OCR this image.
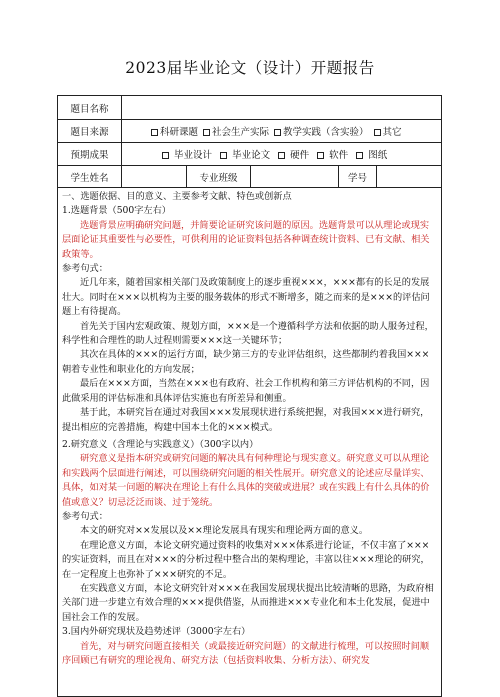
2023届毕业论文（设计）开题报告
题目名称
题目来源	科研课题	社会生产实际	教学实践（含实验）	其它
预期成果	毕业设计	毕业论文	硬件	软件	图纸
学生姓名	专业班级	学号

一、选题依据、目的意义、主要参考文献、特色或创新点

1.选题背景（500字左右）

选题背景应明确研究问题，并简要论证研究该问题的原因。选题背景可以从理论或现实层面论证其重要性与必要性，可供利用的论证资料包括各种调查统计资料、已有文献、相关政策等。

参考句式：

近几年来，随着国家相关部门及政策制度上的逐步重视×××，×××都有的长足的发展壮大。同时在×××以机构为主要的服务载体的形式不断增多，随之而来的是×××的评估问题上有待提高。

首先关于国内宏观政策、规划方面，×××是一个遵循科学方法和依据的助人服务过程，科学性和合理性的助人过程则需要×××这一关键环节；

其次在具体的×××的运行方面，缺少第三方的专业评估组织，这些都制约着我国×××朝着专业性和职业化的方向发展；

最后在×××方面，当然在×××也有政府、社会工作机构和第三方评估机构的不同，因此做采用的评估标准和具体评估实施也有所差异和侧重。

基于此，本研究旨在通过对我国×××发展现状进行系统把握，对我国×××进行研究，提出相应的完善措施，构建中国本土化的×××模式。

2.研究意义（含理论与实践意义）（300字以内）

研究意义是指本研究或研究问题的解决具有何种理论与现实意义。研究意义可以从理论和实践两个层面进行阐述，可以围绕研究问题的相关性展开。研究意义的论述应尽量详实、具体，如对某一问题的解决在理论上有什么具体的突破或进展？或在实践上有什么具体的价值或意义？切忌泛泛而谈、过于笼统。

参考句式：

本文的研究对××发展以及××理论发展具有现实和理论两方面的意义。

在理论意义方面，本论文研究通过资料的收集对×××体系进行论证，不仅丰富了×××的实证资料，而且在对×××的分析过程中整合出的架构理论，丰富以往×××理论的研究，在一定程度上也弥补了×××研究的不足。

在实践意义方面，本论文研究针对×××在我国发展现状提出比较清晰的思路，为政府相关部门进一步建立有效合理的×××提供借鉴，从而推进×××专业化和本土化发展，促进中国社会工作的发展。

3.国内外研究现状及趋势述评（3000字左右）

首先，对与研究问题直接相关（或最接近研究问题）的文献进行梳理，可以按照时间顺序回顾已有研究的理论视角、研究方法（包括资料收集、分析方法）、研究发
